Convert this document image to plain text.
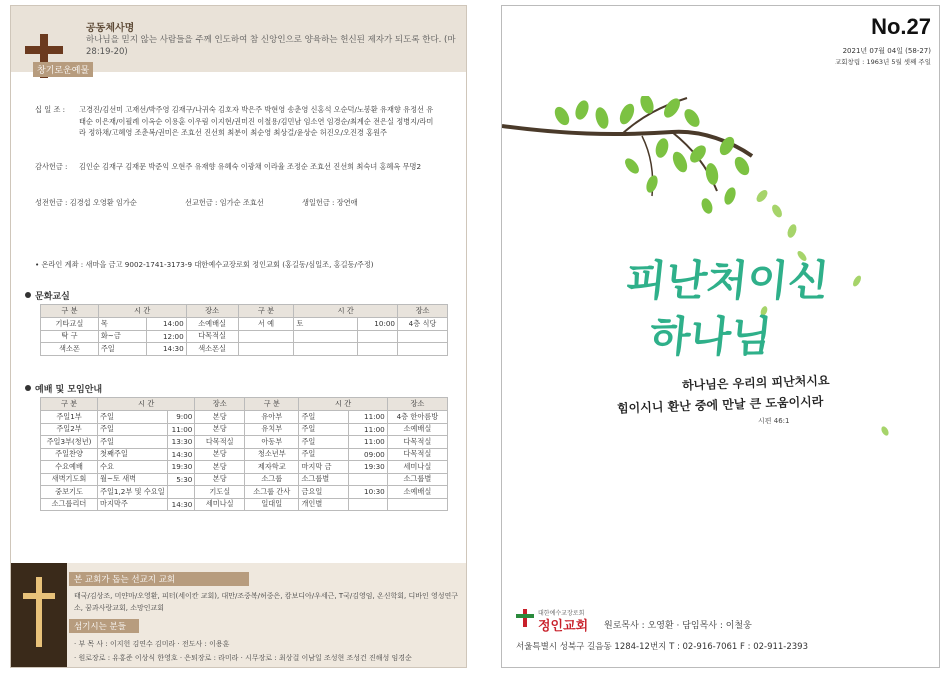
공동체사명
하나님을 믿지 않는 사람들을 주께 인도하여 참 신앙인으로 양육하는 헌신된 제자가 되도록 한다. (마28:19-20)
창기로운예물
십 일 조 : 고경진/김선미 고재선/박주영 김재구/나귀숙 김호자 박은주 박현영 송춘영 신홍석 오순덕/노봉환 유재향 유정선 유태순 이은재/이필례 이옥순 이용훈 이우림 이지현/권미진 이철용/김민남 임소연 임경순/최계순 전은실 정병지/라미라 정하채/고혜영 조춘복/권미은 조효선 진선희 최분이 최순영 최상걸/윤상순 허진오/오진경 홍원주
감사헌금 : 김인순 김재구 김재문 박준익 오현주 유재향 유혜숙 이광채 이라율 조정순 조효선 진선희 최숙녀 홍혜옥 무명2
성전헌금 : 김경섭 오영환 임가순	선교헌금 : 임가순 조효선	생일헌금 : 장연애
• 온라인 계좌 : 새마을 금고 9002-1741-3173-9 대한예수교장로회 정인교회 (홍길동/심일조, 홍길동/주정)
문화교실
구 분	시 간		장소	구 분	시 간		장소
기타교실	목	14:00	소예배실	서 예	토	10:00	4층 식당
탁 구	화~금	12:00	다목적실				
색소폰	주일	14:30	색소폰실				
예배 및 모임안내
구 분	시 간		장소	구 분	시 간		장소
주일1부	주일	9:00	본당	유아부	주일	11:00	4층 한아름방
주일2부	주일	11:00	본당	유치부	주일	11:00	소예배실
주일3부(청년)	주일	13:30	다목적실	아동부	주일	11:00	다목적실
주일찬양	첫째주일	14:30	본당	청소년부	주일	09:00	다목적실
수요예배	수요	19:30	본당	제자학교	마지막 금	19:30	세미나실
새벽기도회	월~토 새벽	5:30	본당	소그룹	소그룹별		소그룹별
중보기도	주일1,2부 및 수요일		기도실	소그룹 간사	금요일	10:30	소예배실
소그룹리더	마지막주	14:30	세미나실	일대일	개인별		
본 교회가 돕는 선교지 교회
태국/김상조, 미얀마/오영환, 피터(세이칸 교회), 대만/조중복/허중은, 캄보디아/우세근, T국/김영임, 온신학회, 디바인 영성연구소, 꿈과사랑교회, 소망인교회
섬기시는 분들
· 부 목 사 : 이지헌 김연수 김미라 · 전도사 : 이용훈
· 원로장로 : 유홍준 이상식 한영호 · 은퇴장로 : 라미라 · 시무장로 : 최상걸 이남일 조성현 조성건 진해성 임경순
No.27
2021년 07월 04일 (58-27)
교회창립 : 1963년 5월 셋째 주일
피난처이신
하나님
하나님은 우리의 피난처시요
힘이시니 환난 중에 만날 큰 도움이시라
시편 46:1
대한예수교장로회
정인교회 원로목사 : 오영환 · 담임목사 : 이철웅
서울특별시 성북구 길음동 1284-12번지 T : 02-916-7061 F : 02-911-2393
